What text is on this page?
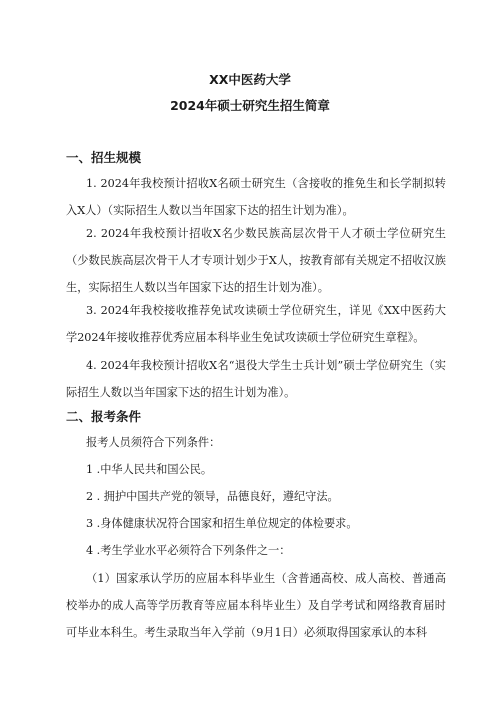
XX中医药大学
2024年硕士研究生招生简章
一、招生规模

1. 2024年我校预计招收X名硕士研究生（含接收的推免生和长学制拟转入X人）（实际招生人数以当年国家下达的招生计划为准）。

2. 2024年我校预计招收X名少数民族高层次骨干人才硕士学位研究生（少数民族高层次骨干人才专项计划少于X人，按教育部有关规定不招收汉族生，实际招生人数以当年国家下达的招生计划为准）。

3. 2024年我校接收推荐免试攻读硕士学位研究生，详见《XX中医药大学2024年接收推荐优秀应届本科毕业生免试攻读硕士学位研究生章程》。

4. 2024年我校预计招收X名“退役大学生士兵计划”硕士学位研究生（实际招生人数以当年国家下达的招生计划为准）。

二、报考条件

报考人员须符合下列条件：

1 .中华人民共和国公民。

2 . 拥护中国共产党的领导，品德良好，遵纪守法。

3 .身体健康状况符合国家和招生单位规定的体检要求。

4 .考生学业水平必须符合下列条件之一：

（1）国家承认学历的应届本科毕业生（含普通高校、成人高校、普通高校举办的成人高等学历教育等应届本科毕业生）及自学考试和网络教育届时可毕业本科生。考生录取当年入学前（9月1日）必须取得国家承认的本科
